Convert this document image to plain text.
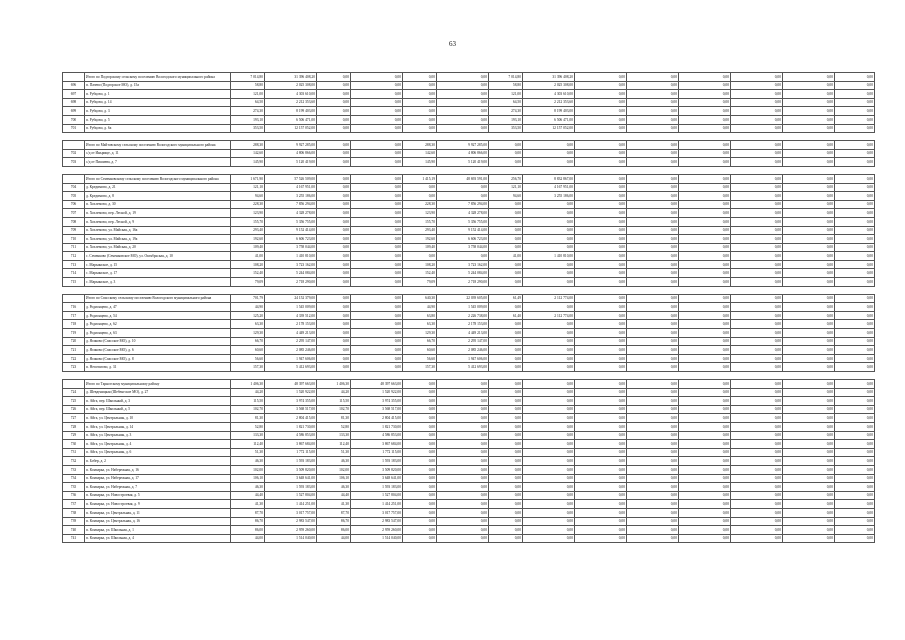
63
	Итого по Подгорскому сельскому поселению Вологодского муниципального района	7 014,80	31 396 408,20	0,00	0,00	0,00	0,00	7 014,80	31 396 408,20	0,00	0,00	0,00	0,00	0,00	0,00
696	п. Пачево (Подгорское МО), д. 15а	58,80	2 025 308,00	0,00	0,00	0,00	0,00	58,80	2 025 308,00	0,00	0,00	0,00	0,00	0,00	0,00
697	п. Рубцово, д. 1	121,00	4 303 610,00	0,00	0,00	0,00	0,00	121,00	4 303 610,00	0,00	0,00	0,00	0,00	0,00	0,00
698	п. Рубцово, д. 14	64,50	2 212 353,60	0,00	0,00	0,00	0,00	64,50	2 212 353,60	0,00	0,00	0,00	0,00	0,00	0,00
699	п. Рубцово, д. 3	274,30	8 199 403,00	0,00	0,00	0,00	0,00	274,30	8 199 403,00	0,00	0,00	0,00	0,00	0,00	0,00
700	п. Рубцово, д. 5	193,10	6 506 471,00	0,00	0,00	0,00	0,00	193,10	6 506 471,00	0,00	0,00	0,00	0,00	0,00	0,00
701	п. Рубцово, д. 6а	353,50	12 157 052,00	0,00	0,00	0,00	0,00	353,50	12 157 052,00	0,00	0,00	0,00	0,00	0,00	0,00

	Итого по Майтовскому сельскому поселению Вологодского муниципального района	288,30	9 927 285,00	0,00	0,00	288,30	9 927 285,00	0,00	0,00	0,00	0,00	0,00	0,00	0,00	0,00
702	с/д от Иньрище, д. 11	142,60	4 806 866,00	0,00	0,00	142,60	4 806 866,00	0,00	0,00	0,00	0,00	0,00	0,00	0,00	0,00
703	с/д от Пишиева, д. 7	145,90	5 120 419,00	0,00	0,00	145,90	5 120 419,00	0,00	0,00	0,00	0,00	0,00	0,00	0,00	0,00

	Итого по Семенковскому сельскому поселению Вологодского муниципального района	1 671,90	57 526 509,00	0,00	0,00	1 415,19	48 693 591,00	256,70	8 832 867,00	0,00	0,00	0,00	0,00	0,00	0,00
704	д. Кредимово, д. 21	121,10	4 167 951,00	0,00	0,00	0,00	0,00	121,10	4 167 951,00	0,00	0,00	0,00	0,00	0,00	0,00
705	д. Кредимово, д. 8	94,60	3 255 186,00	0,00	0,00	0,00	0,00	94,60	3 255 186,00	0,00	0,00	0,00	0,00	0,00	0,00
706	п. Хохлемово, д. 30	228,30	7 856 294,00	0,00	0,00	228,30	7 856 294,00	0,00	0,00	0,00	0,00	0,00	0,00	0,00	0,00
707	п. Хохлемово, пер. Лесной, д. 19	123,90	4 328 278,00	0,00	0,00	123,90	4 328 278,00	0,00	0,00	0,00	0,00	0,00	0,00	0,00	0,00
708	п. Хохлемово, пер. Лесной, д. 9	155,70	5 356 755,00	0,00	0,00	155,70	5 356 755,00	0,00	0,00	0,00	0,00	0,00	0,00	0,00	0,00
709	п. Хохлемово, ул. Майская, д. 16а	293,40	9 152 414,00	0,00	0,00	293,40	9 152 414,00	0,00	0,00	0,00	0,00	0,00	0,00	0,00	0,00
710	п. Хохлемово, ул. Майская, д. 19а	192,60	6 606 723,00	0,00	0,00	192,60	6 606 723,00	0,00	0,00	0,00	0,00	0,00	0,00	0,00	0,00
711	п. Хохлемово, ул. Майская, д. 20	109,40	3 758 044,00	0,00	0,00	109,40	3 758 044,00	0,00	0,00	0,00	0,00	0,00	0,00	0,00	0,00
712	с. Семенково (Семенковское МО), ул. Октябрьская, д. 10	41,00	1 410 810,00	0,00	0,00	0,00	0,00	41,00	1 410 810,00	0,00	0,00	0,00	0,00	0,00	0,00
713	с. Марьинское, д. 15	108,20	3 723 162,00	0,00	0,00	108,20	3 723 162,00	0,00	0,00	0,00	0,00	0,00	0,00	0,00	0,00
714	с. Марьинское, д. 17	152,40	5 244 084,00	0,00	0,00	152,40	5 244 084,00	0,00	0,00	0,00	0,00	0,00	0,00	0,00	0,00
715	с. Марьинское, д. 3	79,09	2 718 290,00	0,00	0,00	79,09	2 718 290,00	0,00	0,00	0,00	0,00	0,00	0,00	0,00	0,00

	Итого по Спасскому сельскому поселению Вологодского муниципального района	701,79	24 152 379,00	0,00	0,00	640,30	22 039 605,00	61,49	2 112 774,00	0,00	0,00	0,00	0,00	0,00	0,00
716	д. Родионцево, д. 47	44,90	1 545 009,00	0,00	0,00	44,90	1 545 009,00	0,00	0,00	0,00	0,00	0,00	0,00	0,00	0,00
717	д. Родионцево, д. 54	125,20	4 339 512,00	0,00	0,00	63,80	2 226 738,00	61,40	2 112 774,00	0,00	0,00	0,00	0,00	0,00	0,00
718	д. Родионцево, д. 62	63,30	2 178 153,00	0,00	0,00	63,30	2 178 153,00	0,00	0,00	0,00	0,00	0,00	0,00	0,00	0,00
719	д. Родионцево, д. 63	129,30	4 449 213,00	0,00	0,00	129,30	4 449 213,00	0,00	0,00	0,00	0,00	0,00	0,00	0,00	0,00
720	д. Ясиково (Спасское МО), д. 10	66,70	2 295 147,00	0,00	0,00	66,70	2 295 147,00	0,00	0,00	0,00	0,00	0,00	0,00	0,00	0,00
721	д. Ясиково (Спасское МО), д. 6	60,60	2 085 246,00	0,00	0,00	60,60	2 085 246,00	0,00	0,00	0,00	0,00	0,00	0,00	0,00	0,00
722	д. Ясиково (Спасское МО), д. 8	56,60	1 947 606,00	0,00	0,00	56,60	1 947 606,00	0,00	0,00	0,00	0,00	0,00	0,00	0,00	0,00
723	п. Непотягово, д. 31	157,30	5 412 693,00	0,00	0,00	157,30	5 412 693,00	0,00	0,00	0,00	0,00	0,00	0,00	0,00	0,00

	Итого по Тарногскому муниципальному району	1 406,30	48 397 663,00	1 406,30	48 397 663,00	0,00	0,00	0,00	0,00	0,00	0,00	0,00	0,00	0,00	0,00
724	д. Шевденицкая (Шебенгское МО), д. 27	44,20	1 520 922,00	44,20	1 520 922,00	0,00	0,00	0,00	0,00	0,00	0,00	0,00	0,00	0,00	0,00
725	п. Айга, пер. Школьный, д. 3	115,50	3 974 355,00	115,50	3 974 355,00	0,00	0,00	0,00	0,00	0,00	0,00	0,00	0,00	0,00	0,00
726	п. Айга, пер. Школьный, д. 5	102,70	3 568 517,00	102,70	3 568 517,00	0,00	0,00	0,00	0,00	0,00	0,00	0,00	0,00	0,00	0,00
727	п. Айга, ул. Центральная, д. 10	81,30	2 804 415,00	81,30	2 804 415,00	0,00	0,00	0,00	0,00	0,00	0,00	0,00	0,00	0,00	0,00
728	п. Айга, ул. Центральная, д. 14	52,80	1 821 730,00	52,80	1 821 730,00	0,00	0,00	0,00	0,00	0,00	0,00	0,00	0,00	0,00	0,00
729	п. Айга, ул. Центральная, д. 3	133,30	4 586 853,00	133,30	4 586 853,00	0,00	0,00	0,00	0,00	0,00	0,00	0,00	0,00	0,00	0,00
730	п. Айга, ул. Центральная, д. 4	112,40	3 867 684,00	112,40	3 867 684,00	0,00	0,00	0,00	0,00	0,00	0,00	0,00	0,00	0,00	0,00
731	п. Айга, ул. Центральная, д. 6	51,30	1 772 115,00	51,30	1 772 115,00	0,00	0,00	0,00	0,00	0,00	0,00	0,00	0,00	0,00	0,00
732	п. Бобер, д. 2	46,30	1 593 183,00	46,30	1 593 183,00	0,00	0,00	0,00	0,00	0,00	0,00	0,00	0,00	0,00	0,00
733	п. Кончарка, ул. Набережная, д. 16	102,00	3 509 820,00	102,00	3 509 820,00	0,00	0,00	0,00	0,00	0,00	0,00	0,00	0,00	0,00	0,00
734	п. Кончарка, ул. Набережная, д. 17	106,10	3 648 641,00	106,10	3 648 641,00	0,00	0,00	0,00	0,00	0,00	0,00	0,00	0,00	0,00	0,00
735	п. Кончарка, ул. Набережная, д. 7	46,30	1 593 183,00	46,30	1 593 183,00	0,00	0,00	0,00	0,00	0,00	0,00	0,00	0,00	0,00	0,00
736	п. Кончарка, ул. Новостроевая, д. 5	44,40	1 527 804,00	44,40	1 527 804,00	0,00	0,00	0,00	0,00	0,00	0,00	0,00	0,00	0,00	0,00
737	п. Кончарка, ул. Новостроевая, д. 9	41,30	1 414 251,00	41,30	1 414 251,00	0,00	0,00	0,00	0,00	0,00	0,00	0,00	0,00	0,00	0,00
738	п. Кончарка, ул. Центральная, д. 11	87,70	3 017 757,00	87,70	3 017 757,00	0,00	0,00	0,00	0,00	0,00	0,00	0,00	0,00	0,00	0,00
739	п. Кончарка, ул. Центральная, д. 16	86,70	2 983 547,00	86,70	2 983 547,00	0,00	0,00	0,00	0,00	0,00	0,00	0,00	0,00	0,00	0,00
740	п. Кончарка, ул. Школьная, д. 1	86,00	2 959 260,00	86,00	2 959 260,00	0,00	0,00	0,00	0,00	0,00	0,00	0,00	0,00	0,00	0,00
741	п. Кончарка, ул. Школьная, д. 4	44,00	1 514 040,00	44,00	1 514 040,00	0,00	0,00	0,00	0,00	0,00	0,00	0,00	0,00	0,00	0,00
